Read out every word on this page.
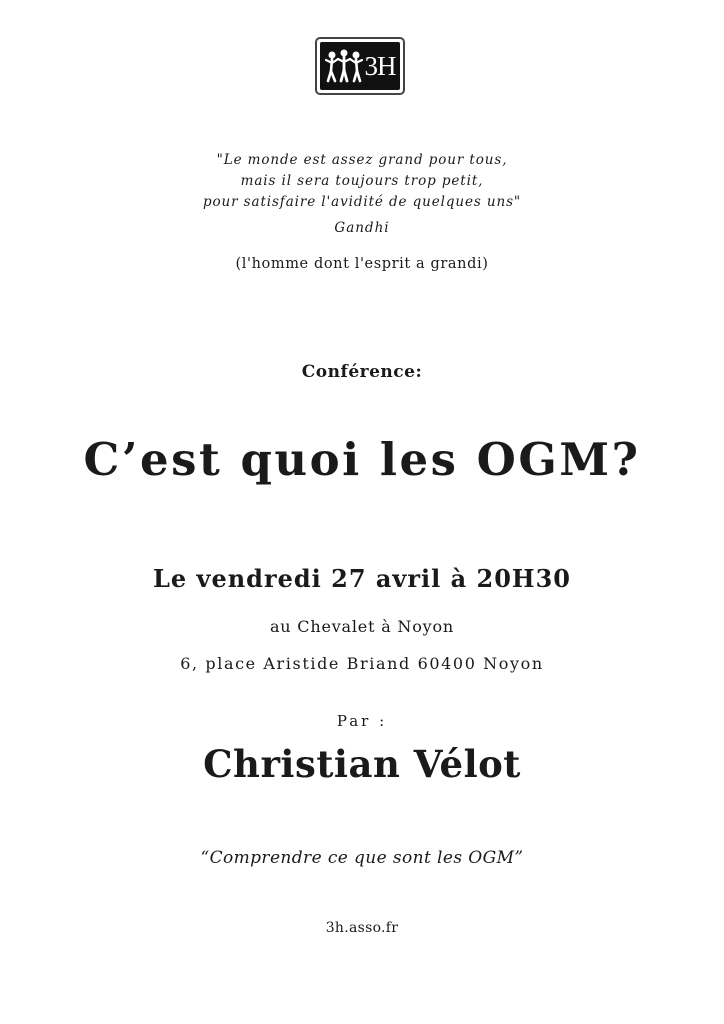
3H
"Le monde est assez grand pour tous,
mais il sera toujours trop petit,
pour satisfaire l'avidité de quelques uns"
Gandhi
(l'homme dont l'esprit a grandi)
Conférence:
C’est quoi les OGM?
Le vendredi 27 avril à 20H30
au Chevalet à Noyon
6, place Aristide Briand 60400 Noyon
Par :
Christian Vélot
“Comprendre ce que sont les OGM”
3h.asso.fr
